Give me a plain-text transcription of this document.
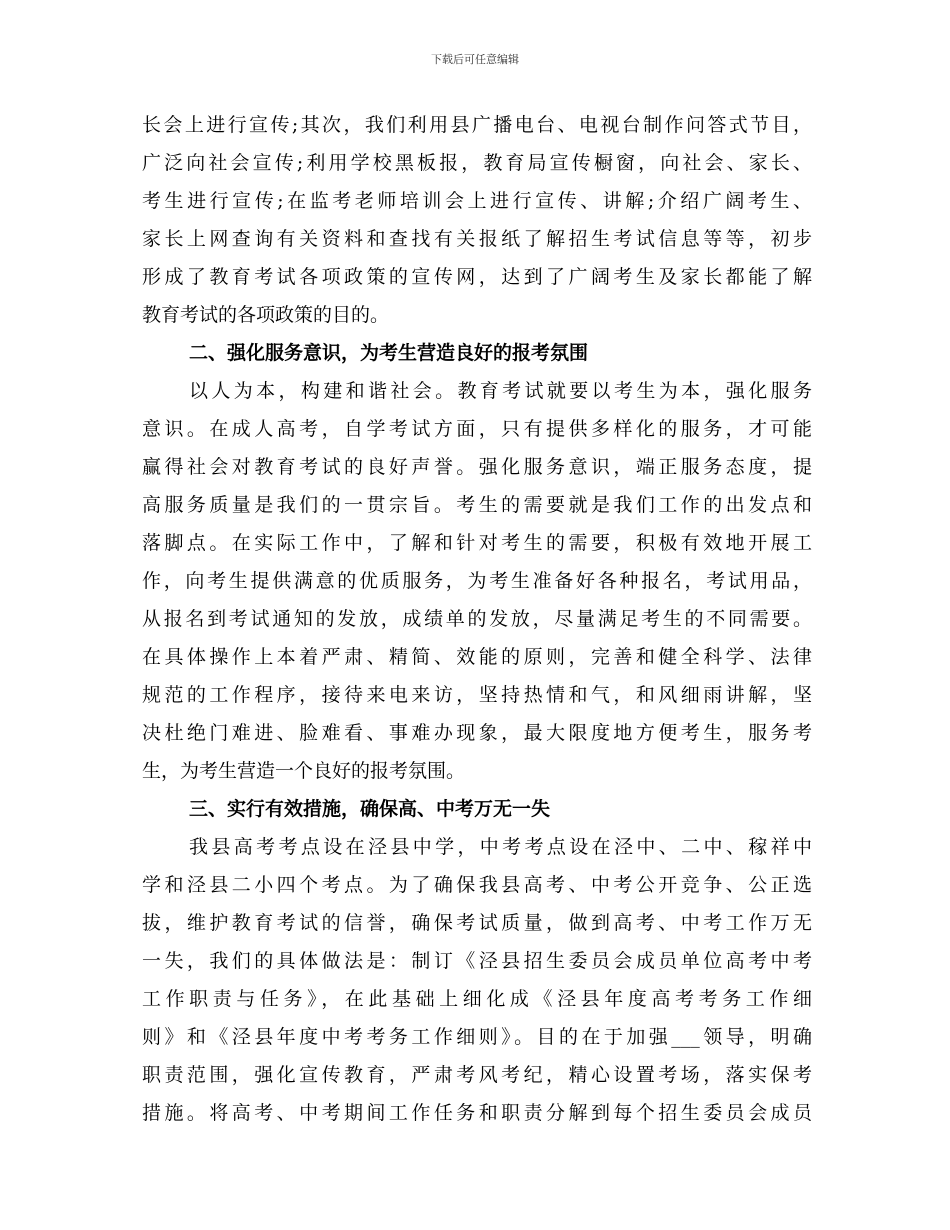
下载后可任意编辑
长会上进行宣传;其次，我们利用县广播电台、电视台制作问答式节目，
广泛向社会宣传;利用学校黑板报，教育局宣传橱窗，向社会、家长、
考生进行宣传;在监考老师培训会上进行宣传、讲解;介绍广阔考生、
家长上网查询有关资料和查找有关报纸了解招生考试信息等等，初步
形成了教育考试各项政策的宣传网，达到了广阔考生及家长都能了解
教育考试的各项政策的目的。
二、强化服务意识，为考生营造良好的报考氛围
以人为本，构建和谐社会。教育考试就要以考生为本，强化服务
意识。在成人高考，自学考试方面，只有提供多样化的服务，才可能
赢得社会对教育考试的良好声誉。强化服务意识，端正服务态度，提
高服务质量是我们的一贯宗旨。考生的需要就是我们工作的出发点和
落脚点。在实际工作中，了解和针对考生的需要，积极有效地开展工
作，向考生提供满意的优质服务，为考生准备好各种报名，考试用品，
从报名到考试通知的发放，成绩单的发放，尽量满足考生的不同需要。
在具体操作上本着严肃、精简、效能的原则，完善和健全科学、法律
规范的工作程序，接待来电来访，坚持热情和气，和风细雨讲解，坚
决杜绝门难进、脸难看、事难办现象，最大限度地方便考生，服务考
生，为考生营造一个良好的报考氛围。
三、实行有效措施，确保高、中考万无一失
我县高考考点设在泾县中学，中考考点设在泾中、二中、稼祥中
学和泾县二小四个考点。为了确保我县高考、中考公开竞争、公正选
拔，维护教育考试的信誉，确保考试质量，做到高考、中考工作万无
一失，我们的具体做法是：制订《泾县招生委员会成员单位高考中考
工作职责与任务》，在此基础上细化成《泾县年度高考考务工作细
则》和《泾县年度中考考务工作细则》。目的在于加强___领导，明确
职责范围，强化宣传教育，严肃考风考纪，精心设置考场，落实保考
措施。将高考、中考期间工作任务和职责分解到每个招生委员会成员
